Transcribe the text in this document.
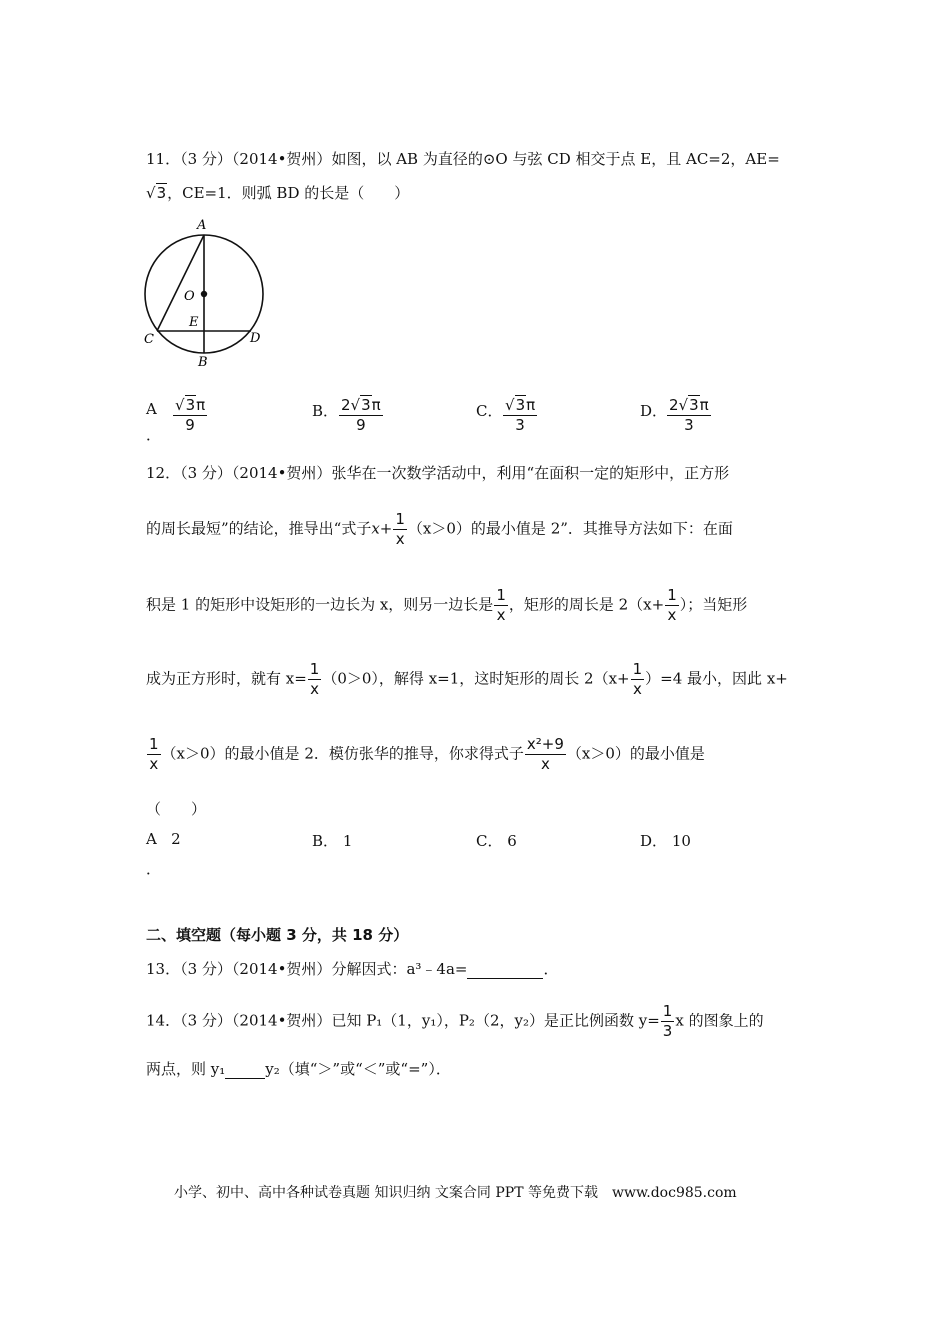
11．（3 分）（2014•贺州）如图，以 AB 为直径的⊙O 与弦 CD 相交于点 E，且 AC=2，AE=
√3，CE=1．则弧 BD 的长是（　　）
A
O
E
C	D
B
A
．
$\frac{√3\pi}{9}$	B． $\frac{2√3\pi}{9}$	C． $\frac{√3\pi}{3}$	D． $\frac{2√3\pi}{3}$
12．（3 分）（2014•贺州）张华在一次数学活动中，利用“在面积一定的矩形中，正方形
的周长最短”的结论，推导出“式子$x+ \frac{1}{x} (x>0)$的最小值是 2”．其推导方法如下：在面
积是 1 的矩形中设矩形的一边长为 x，则另一边长是 $\frac{1}{x}$ ，矩形的周长是 $2(x+ \frac{1}{x}$ ）；当矩形
成为正方形时，就有 $x= \frac{1}{x} (0>0)$，解得 x=1，这时矩形的周长 $2(x+ \frac{1}{x} )=4$ 最小，因此 x+
$\frac{1}{x} (x>0)$的最小值是 2．模仿张华的推导，你求得式子 $\frac{\text{x²+9}}{x} (x>0)$的最小值是
（　　）
A 2
．
B． 1	C． 6	D． 10
二、填空题（每小题 3 分，共 18 分）
13．（3 分）（2014•贺州）分解因式：a³﹣4a=	．
14．（3 分）（2014•贺州）已知 P₁（1，y₁），P₂（2，y₂）是正比例函数 $y= \frac{1}{3}$ x 的图象上的
两点，则 y₁	y₂（填“＞”或“＜”或“=”）．
小学、初中、高中各种试卷真题 知识归纳 文案合同 PPT 等免费下载　www.doc985.com
